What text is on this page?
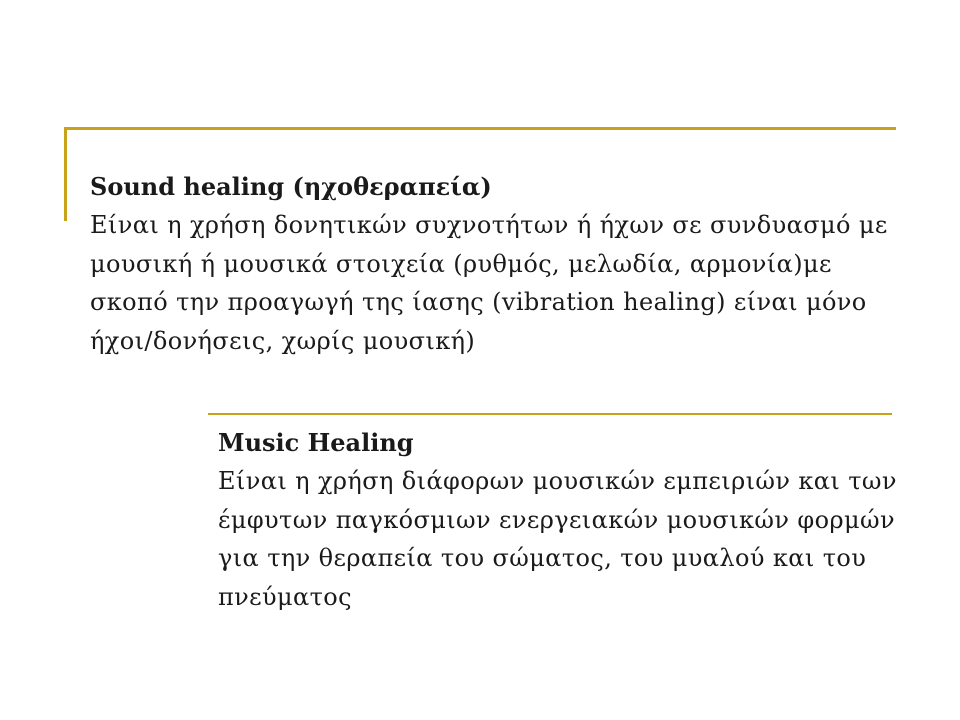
Sound healing (ηχοθεραπεία)

Είναι η χρήση δονητικών συχνοτήτων ή ήχων σε συνδυασμό με

μουσική ή μουσικά στοιχεία (ρυθμός, μελωδία, αρμονία)με

σκοπό την προαγωγή της ίασης (vibration healing) είναι μόνο

ήχοι/δονήσεις, χωρίς μουσική)

Music Healing

Είναι η χρήση διάφορων μουσικών εμπειριών και των

έμφυτων παγκόσμιων ενεργειακών μουσικών φορμών

για την θεραπεία του σώματος, του μυαλού και του

πνεύματος
